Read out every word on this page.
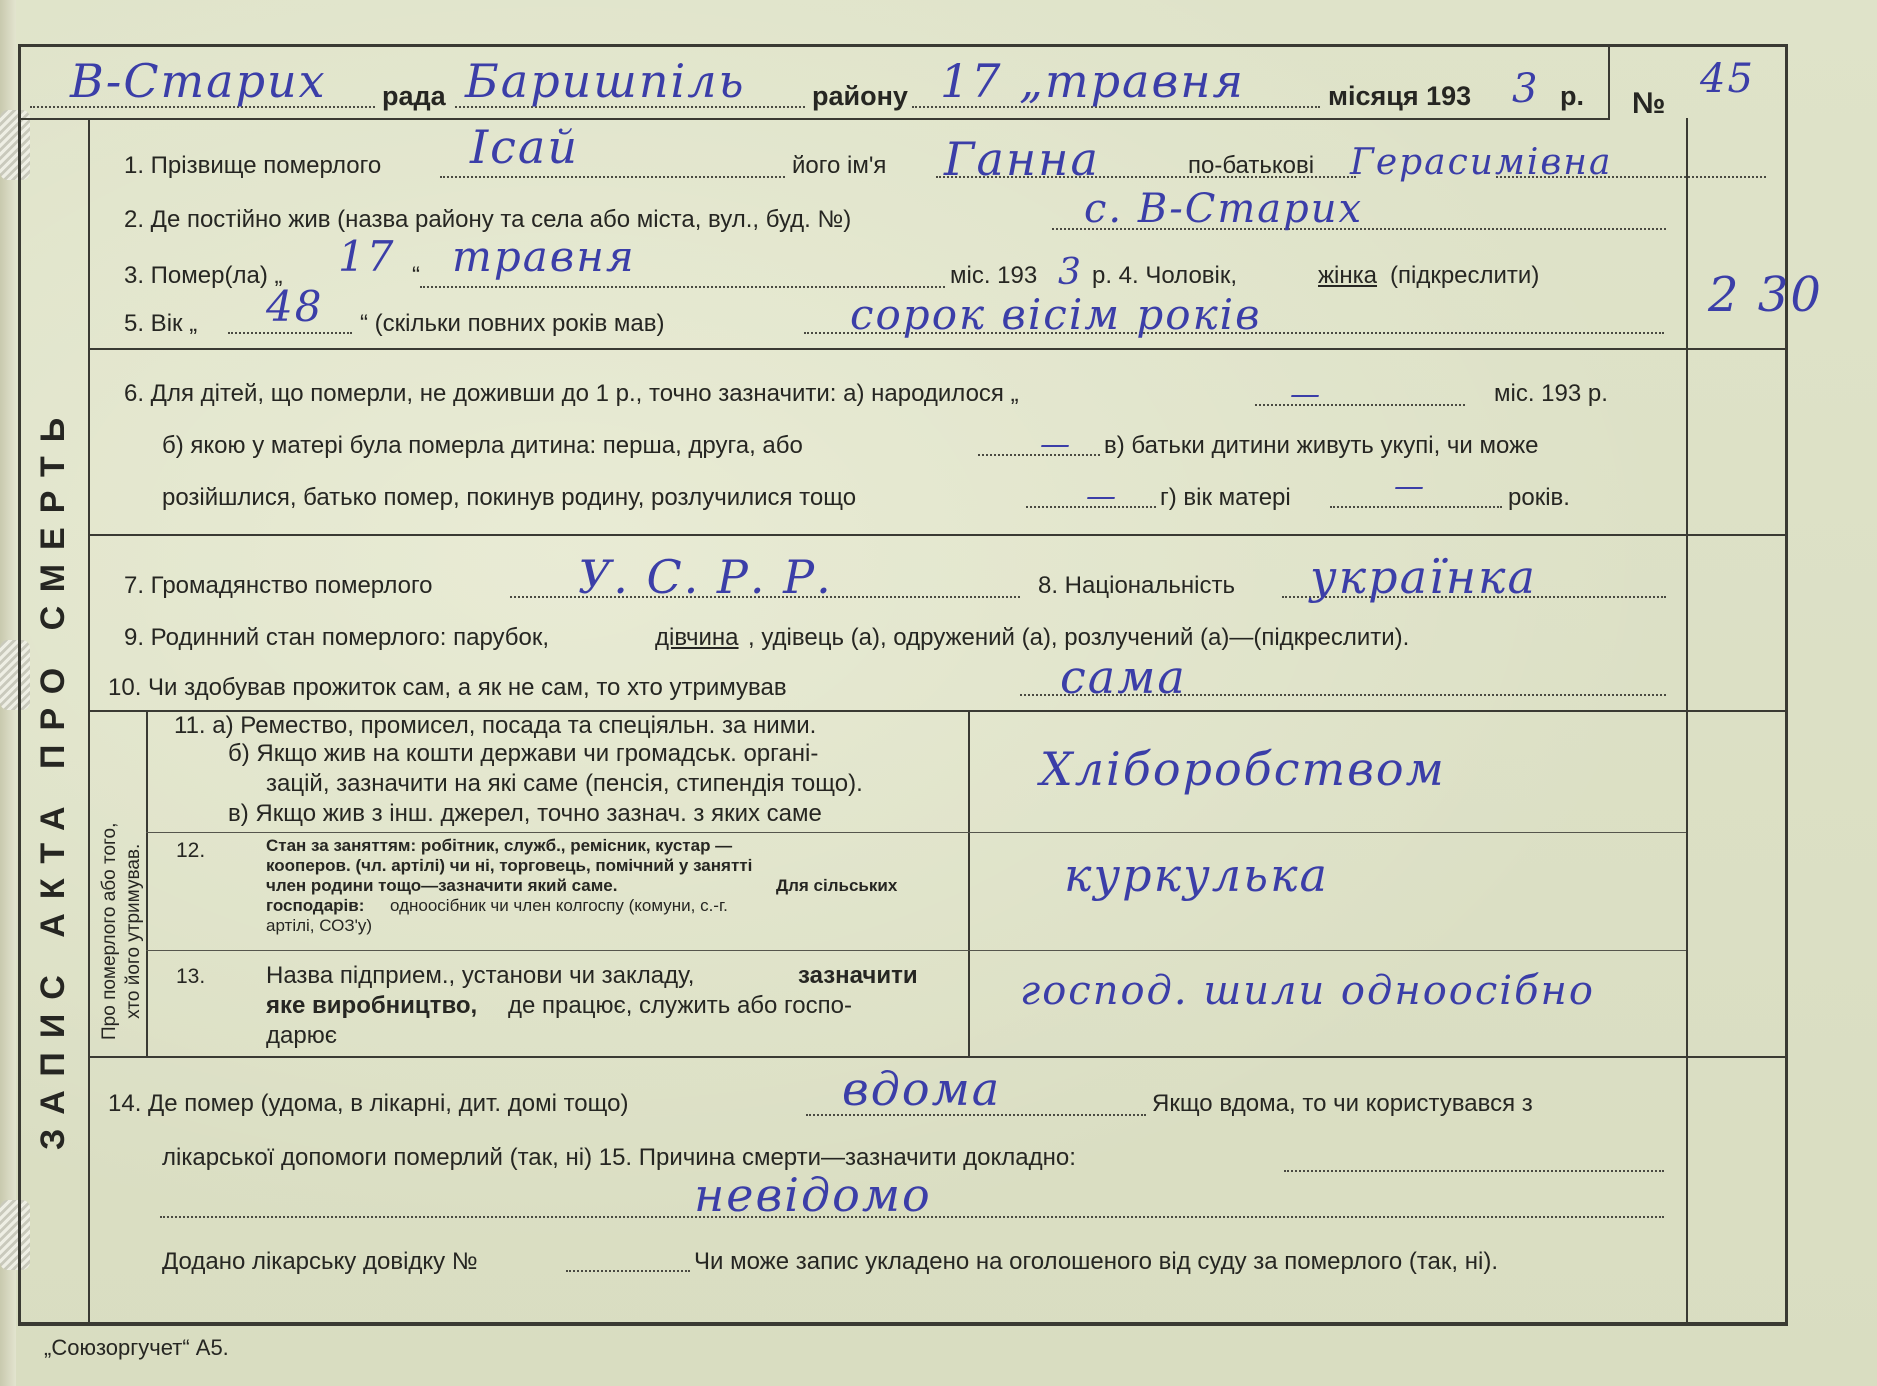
ЗАПИС АКТА ПРО СМЕРТЬ Про померлого або того, хто його утримував.
рада	району	місяця 193	р. №
В-Старих	Баришпіль	17 „травня	3	45
1. Прізвище померлого	його ім'я	по-батькові
Ісай	Ганна	Герасимівна
2. Де постійно жив (назва району та села або міста, вул., буд. №)	с. В-Старих
3. Помер(ла) „ 17 “ травня	міс. 193 3 р. 4. Чоловік,	жінка (підкреслити)
5. Вік „ 48 “ (скільки повних років мав)	сорок вісім років	2 30
6. Для дітей, що померли, не доживши до 1 р., точно зазначити: а) народилося „	—	міс. 193 р.
б) якою у матері була померла дитина: перша, друга, або	— в) батьки дитини живуть укупі, чи може
розійшлися, батько помер, покинув родину, розлучилися тощо	— г) вік матері	—	років.
7. Громадянство померлого	У. С. Р. Р.	8. Національність українка
9. Родинний стан померлого: парубок,	дівчина , удівець (а), одружений (а), розлучений (а)—(підкреслити).
10. Чи здобував прожиток сам, а як не сам, то хто утримував	сама
11. а) Ремество, промисел, посада та спеціяльн. за ними.
б) Якщо жив на кошти держави чи громадськ. органі-
зацій, зазначити на які саме (пенсія, стипендія тощо).
в) Якщо жив з інш. джерел, точно зазнач. з яких саме
Хліборобством
12.	Стан за заняттям: робітник, служб., ремісник, кустар —
кооперов. (чл. артілі) чи ні, торговець, помічний у занятті
член родини тощо—зазначити який саме.	Для сільських
господарів: одноосібник чи член колгоспу (комуни, с.-г.
артілі, СОЗ'у)
куркулька
13.	Назва підприем., установи чи закладу,	зазначити
яке виробництво, де працює, служить або госпо-
дарює
господ. шили одноосібно
14. Де помер (удома, в лікарні, дит. домі тощо)	вдома	Якщо вдома, то чи користувався з
лікарської допомоги померлий (так, ні) 15. Причина смерти—зазначити докладно:
невідомо
Додано лікарську довідку №	Чи може запис укладено на оголошеного від суду за померлого (так, ні).
„Союзоргучет“ А5.
